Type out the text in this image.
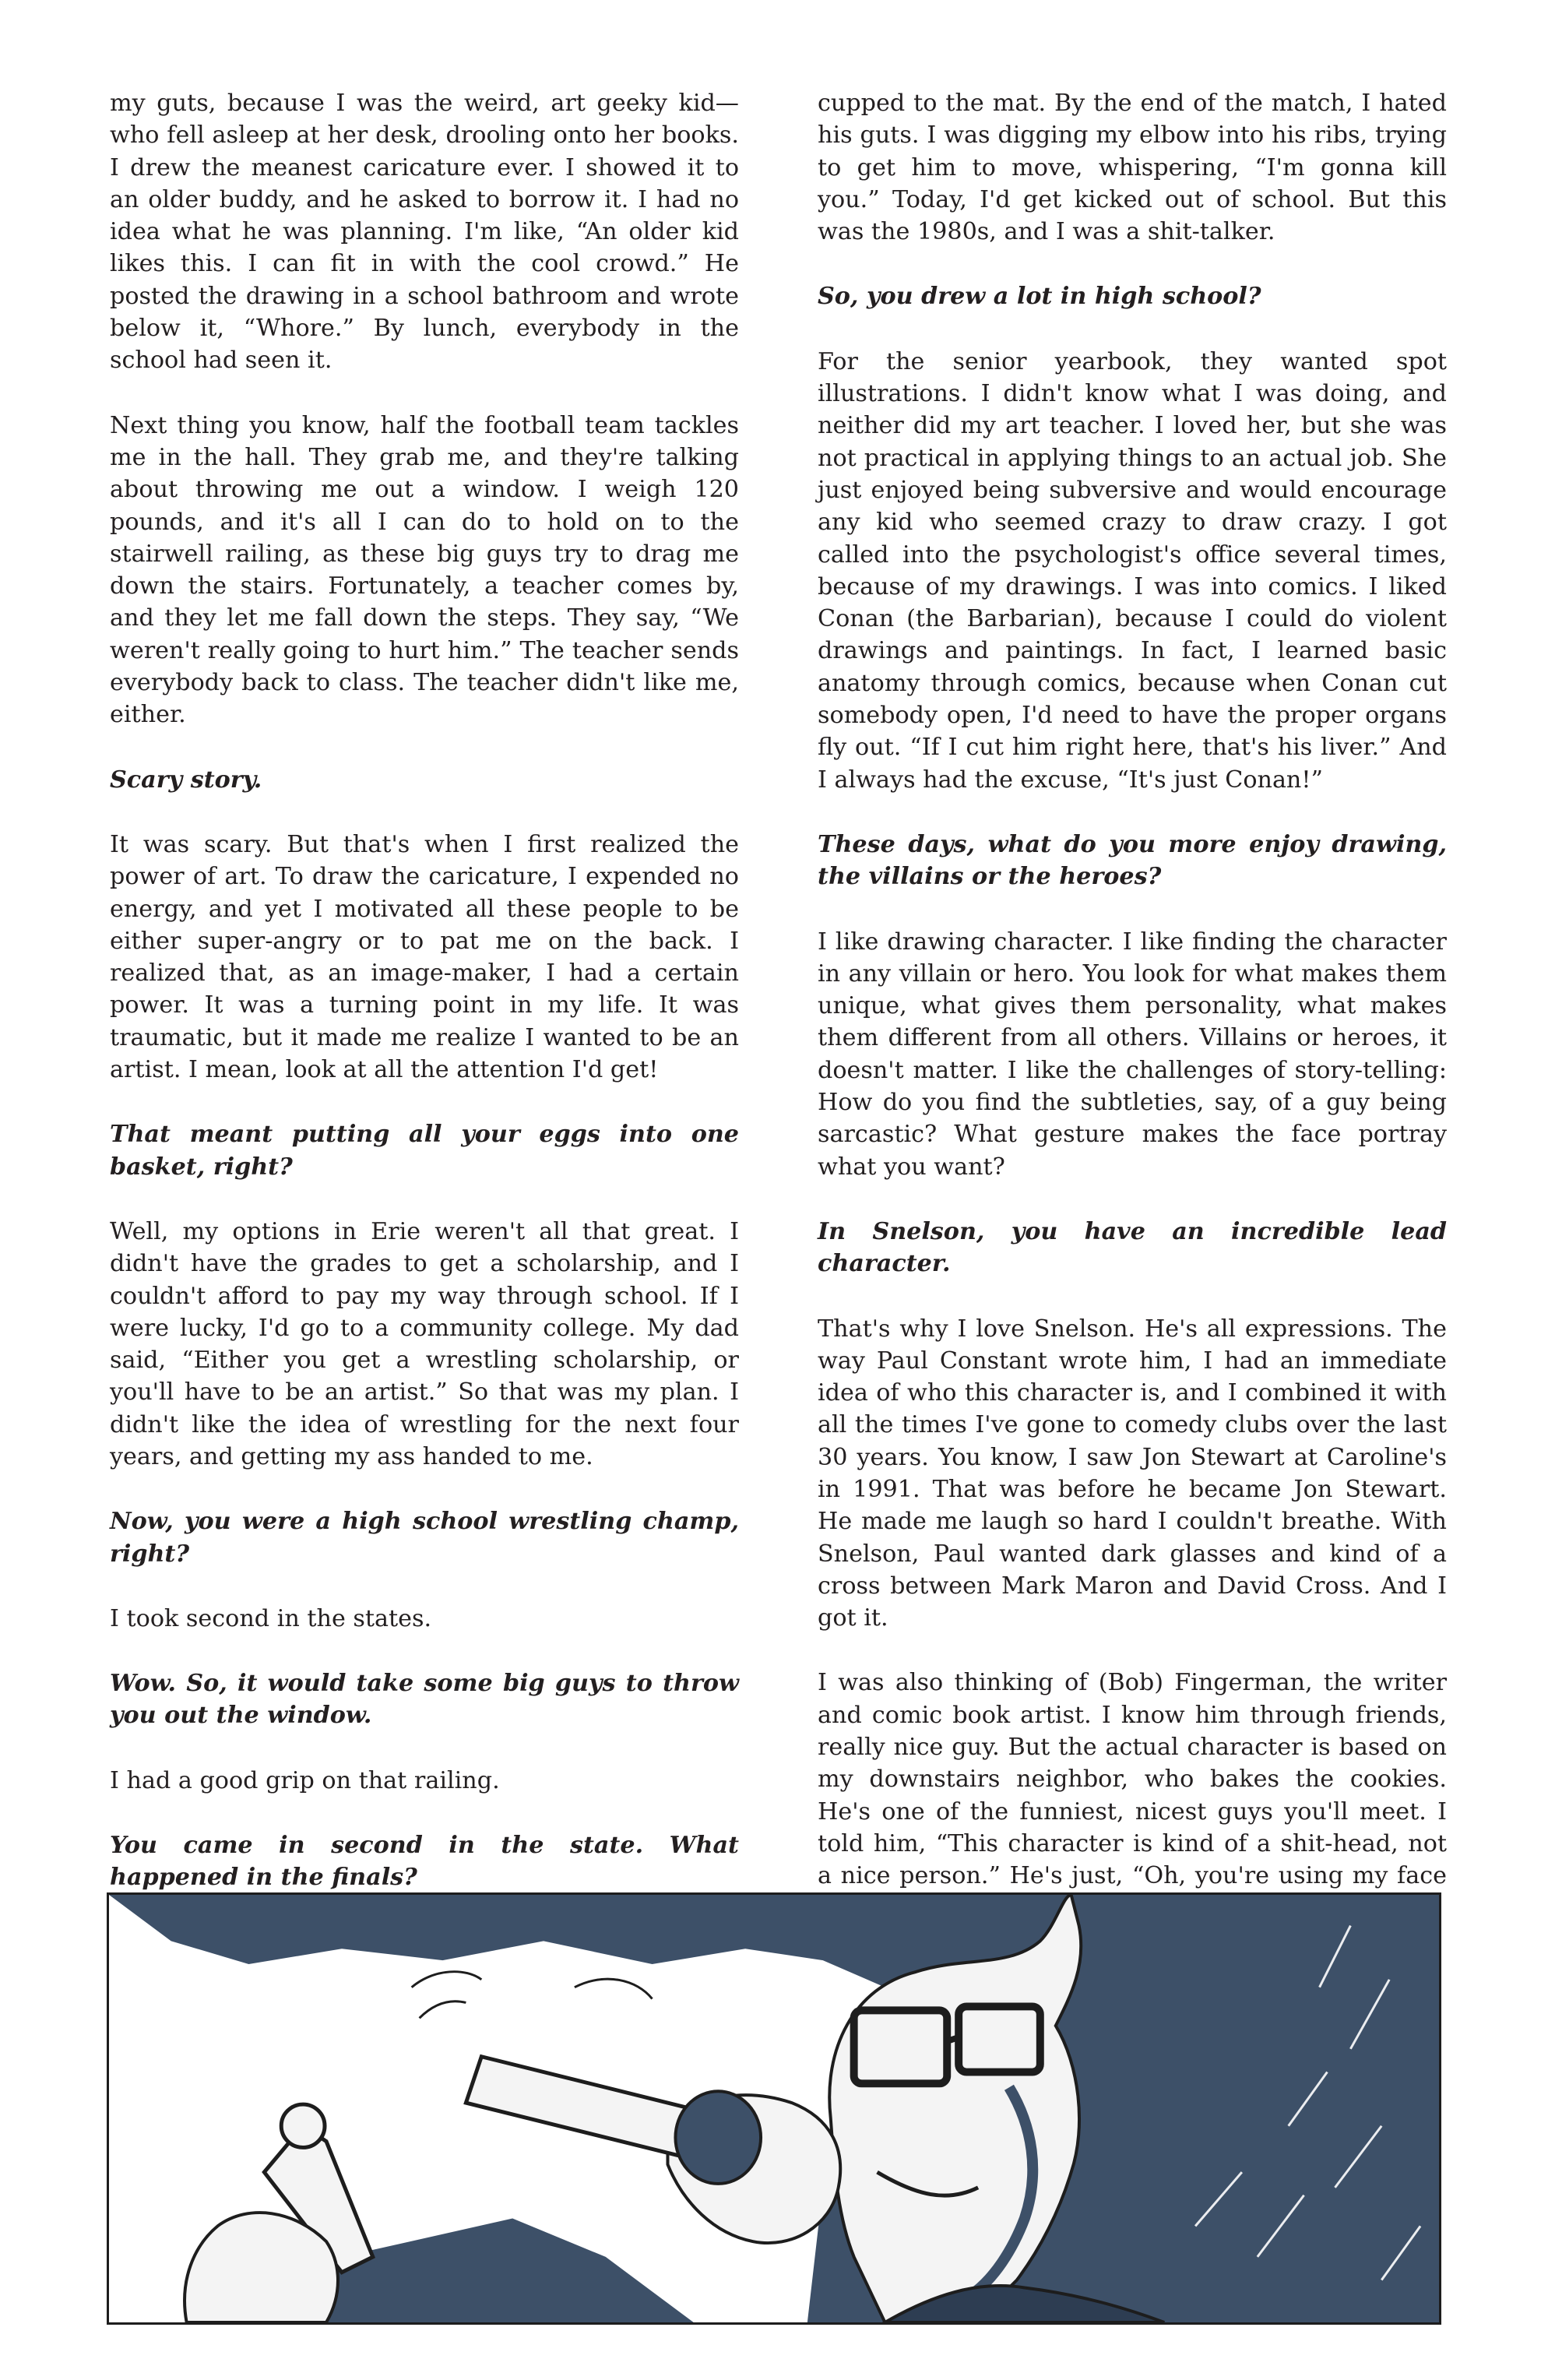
my guts, because I was the weird, art geeky kid—who fell asleep at her desk, drooling onto her books. I drew the meanest caricature ever. I showed it to an older buddy, and he asked to borrow it. I had no idea what he was planning. I'm like, “An older kid likes this. I can fit in with the cool crowd.” He posted the drawing in a school bathroom and wrote below it, “Whore.” By lunch, everybody in the school had seen it.

Next thing you know, half the football team tackles me in the hall. They grab me, and they're talking about throwing me out a window. I weigh 120 pounds, and it's all I can do to hold on to the stairwell railing, as these big guys try to drag me down the stairs. Fortunately, a teacher comes by, and they let me fall down the steps. They say, “We weren't really going to hurt him.” The teacher sends everybody back to class. The teacher didn't like me, either.

Scary story.

It was scary. But that's when I first realized the power of art. To draw the caricature, I expended no energy, and yet I motivated all these people to be either super-angry or to pat me on the back. I realized that, as an image-maker, I had a certain power. It was a turning point in my life. It was traumatic, but it made me realize I wanted to be an artist. I mean, look at all the attention I'd get!

That meant putting all your eggs into one basket, right?

Well, my options in Erie weren't all that great. I didn't have the grades to get a scholarship, and I couldn't afford to pay my way through school. If I were lucky, I'd go to a community college. My dad said, “Either you get a wrestling scholarship, or you'll have to be an artist.” So that was my plan. I didn't like the idea of wrestling for the next four years, and getting my ass handed to me.

Now, you were a high school wrestling champ, right?

I took second in the states.

Wow. So, it would take some big guys to throw you out the window.

I had a good grip on that railing.

You came in second in the state. What happened in the finals?

cupped to the mat. By the end of the match, I hated his guts. I was digging my elbow into his ribs, trying to get him to move, whispering, “I'm gonna kill you.” Today, I'd get kicked out of school. But this was the 1980s, and I was a shit-talker.

So, you drew a lot in high school?

For the senior yearbook, they wanted spot illustrations. I didn't know what I was doing, and neither did my art teacher. I loved her, but she was not practical in applying things to an actual job. She just enjoyed being subversive and would encourage any kid who seemed crazy to draw crazy. I got called into the psychologist's office several times, because of my drawings. I was into comics. I liked Conan (the Barbarian), because I could do violent drawings and paintings. In fact, I learned basic anatomy through comics, because when Conan cut somebody open, I'd need to have the proper organs fly out. “If I cut him right here, that's his liver.” And I always had the excuse, “It's just Conan!”

These days, what do you more enjoy drawing, the villains or the heroes?

I like drawing character. I like finding the character in any villain or hero. You look for what makes them unique, what gives them personality, what makes them different from all others. Villains or heroes, it doesn't matter. I like the challenges of story-telling: How do you find the subtleties, say, of a guy being sarcastic? What gesture makes the face portray what you want?

In Snelson, you have an incredible lead character.

That's why I love Snelson. He's all expressions. The way Paul Constant wrote him, I had an immediate idea of who this character is, and I combined it with all the times I've gone to comedy clubs over the last 30 years. You know, I saw Jon Stewart at Caroline's in 1991. That was before he became Jon Stewart. He made me laugh so hard I couldn't breathe. With Snelson, Paul wanted dark glasses and kind of a cross between Mark Maron and David Cross. And I got it.

I was also thinking of (Bob) Fingerman, the writer and comic book artist. I know him through friends, really nice guy. But the actual character is based on my downstairs neighbor, who bakes the cookies. He's one of the funniest, nicest guys you'll meet. I told him, “This character is kind of a shit-head, not a nice person.” He's just, “Oh, you're using my face
